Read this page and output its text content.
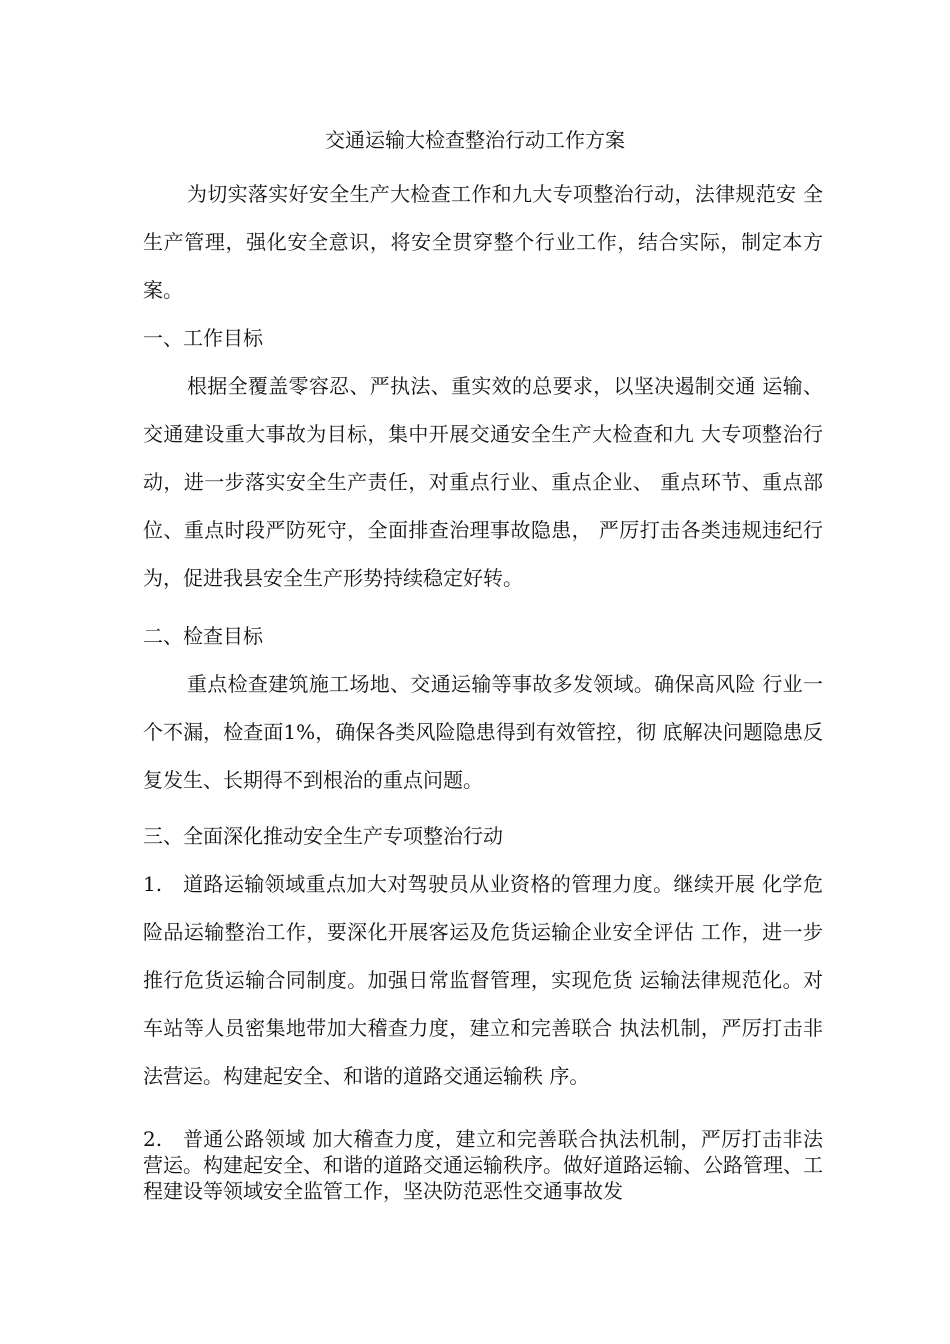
交通运输大检查整治行动工作方案

为切实落实好安全生产大检查工作和九大专项整治行动，法律规范安 全生产管理，强化安全意识，将安全贯穿整个行业工作，结合实际，制定本方案。

一、工作目标

根据全覆盖零容忍、严执法、重实效的总要求，以坚决遏制交通 运输、交通建设重大事故为目标，集中开展交通安全生产大检查和九 大专项整治行动，进一步落实安全生产责任，对重点行业、重点企业、 重点环节、重点部位、重点时段严防死守，全面排查治理事故隐患， 严厉打击各类违规违纪行为，促进我县安全生产形势持续稳定好转。

二、检查目标

重点检查建筑施工场地、交通运输等事故多发领域。确保高风险 行业一个不漏，检查面1%，确保各类风险隐患得到有效管控，彻 底解决问题隐患反复发生、长期得不到根治的重点问题。

三、全面深化推动安全生产专项整治行动

1.　道路运输领域重点加大对驾驶员从业资格的管理力度。继续开展 化学危险品运输整治工作，要深化开展客运及危货运输企业安全评估 工作，进一步推行危货运输合同制度。加强日常监督管理，实现危货 运输法律规范化。对车站等人员密集地带加大稽查力度，建立和完善联合 执法机制，严厉打击非法营运。构建起安全、和谐的道路交通运输秩 序。

2.　普通公路领域 加大稽查力度，建立和完善联合执法机制，严厉打击非法营运。构建起安全、和谐的道路交通运输秩序。做好道路运输、公路管理、工程建设等领域安全监管工作，坚决防范恶性交通事故发
